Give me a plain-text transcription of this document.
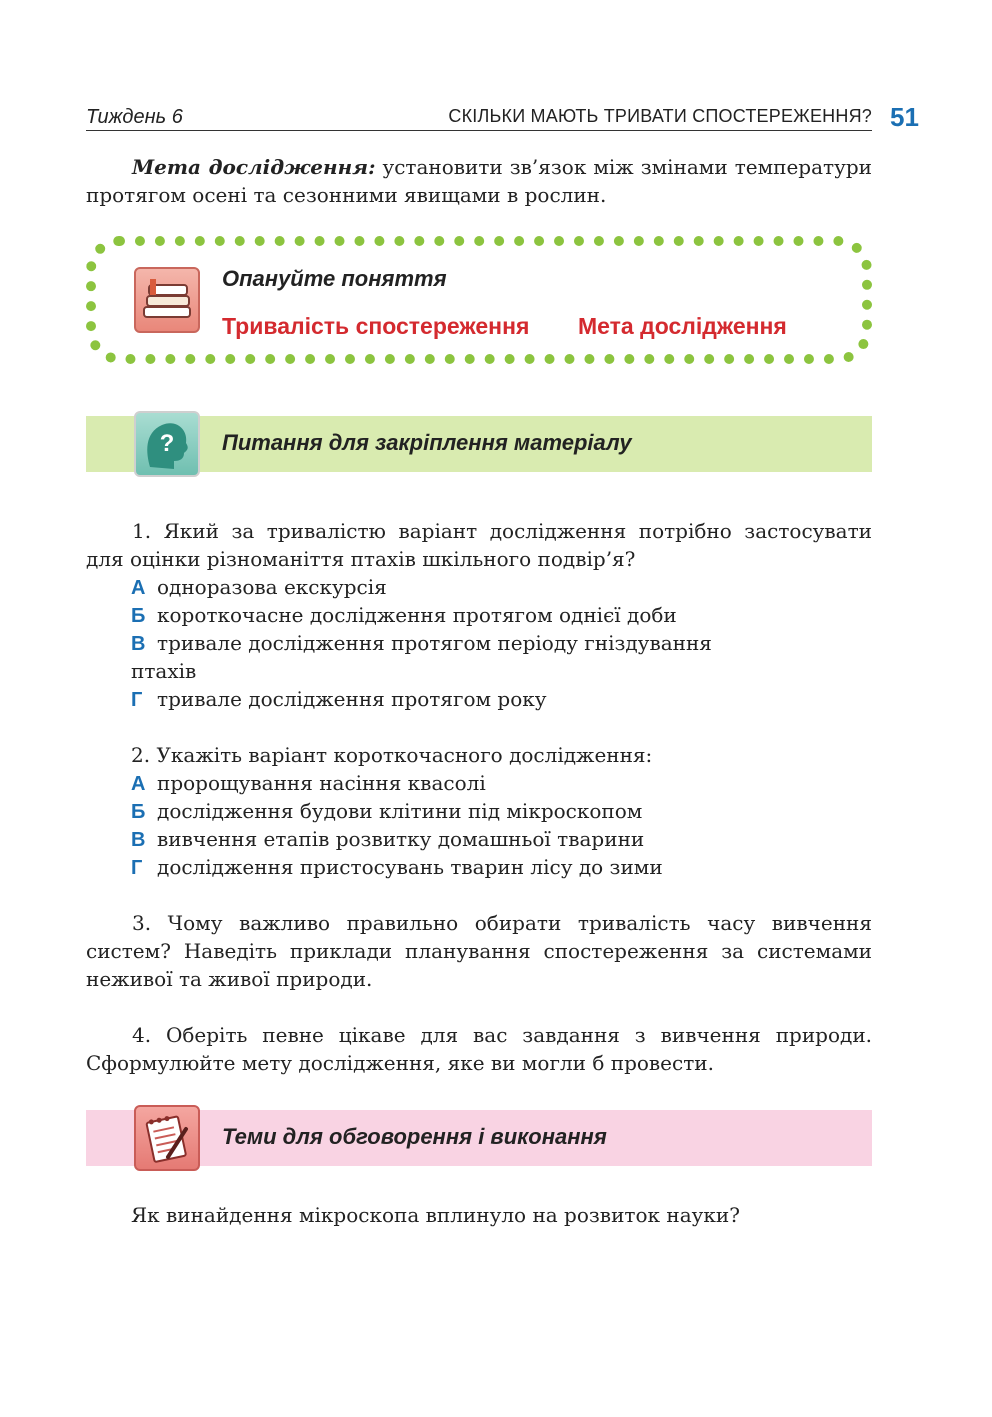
Тиждень 6	СКІЛЬКИ МАЮТЬ ТРИВАТИ СПОСТЕРЕЖЕННЯ? 51
Мета дослідження: установити зв’язок між змінами температури
протягом осені та сезонними явищами в рослин.
Опануйте поняття
Тривалість спостереження Мета дослідження
? Питання для закріплення матеріалу
1. Який за тривалістю варіант дослідження потрібно застосувати
для оцінки різноманіття птахів шкільного подвір’я?
А одноразова екскурсія
Б короткочасне дослідження протягом однієї доби
В тривале дослідження протягом періоду гніздування
птахів
Г тривале дослідження протягом року
2. Укажіть варіант короткочасного дослідження:
А пророщування насіння квасолі
Б дослідження будови клітини під мікроскопом
В вивчення етапів розвитку домашньої тварини
Г дослідження пристосувань тварин лісу до зими
3. Чому важливо правильно обирати тривалість часу вивчення
систем? Наведіть приклади планування спостереження за системами
неживої та живої природи.
4. Оберіть певне цікаве для вас завдання з вивчення природи.
Сформулюйте мету дослідження, яке ви могли б провести.
Теми для обговорення і виконання
Як винайдення мікроскопа вплинуло на розвиток науки?
